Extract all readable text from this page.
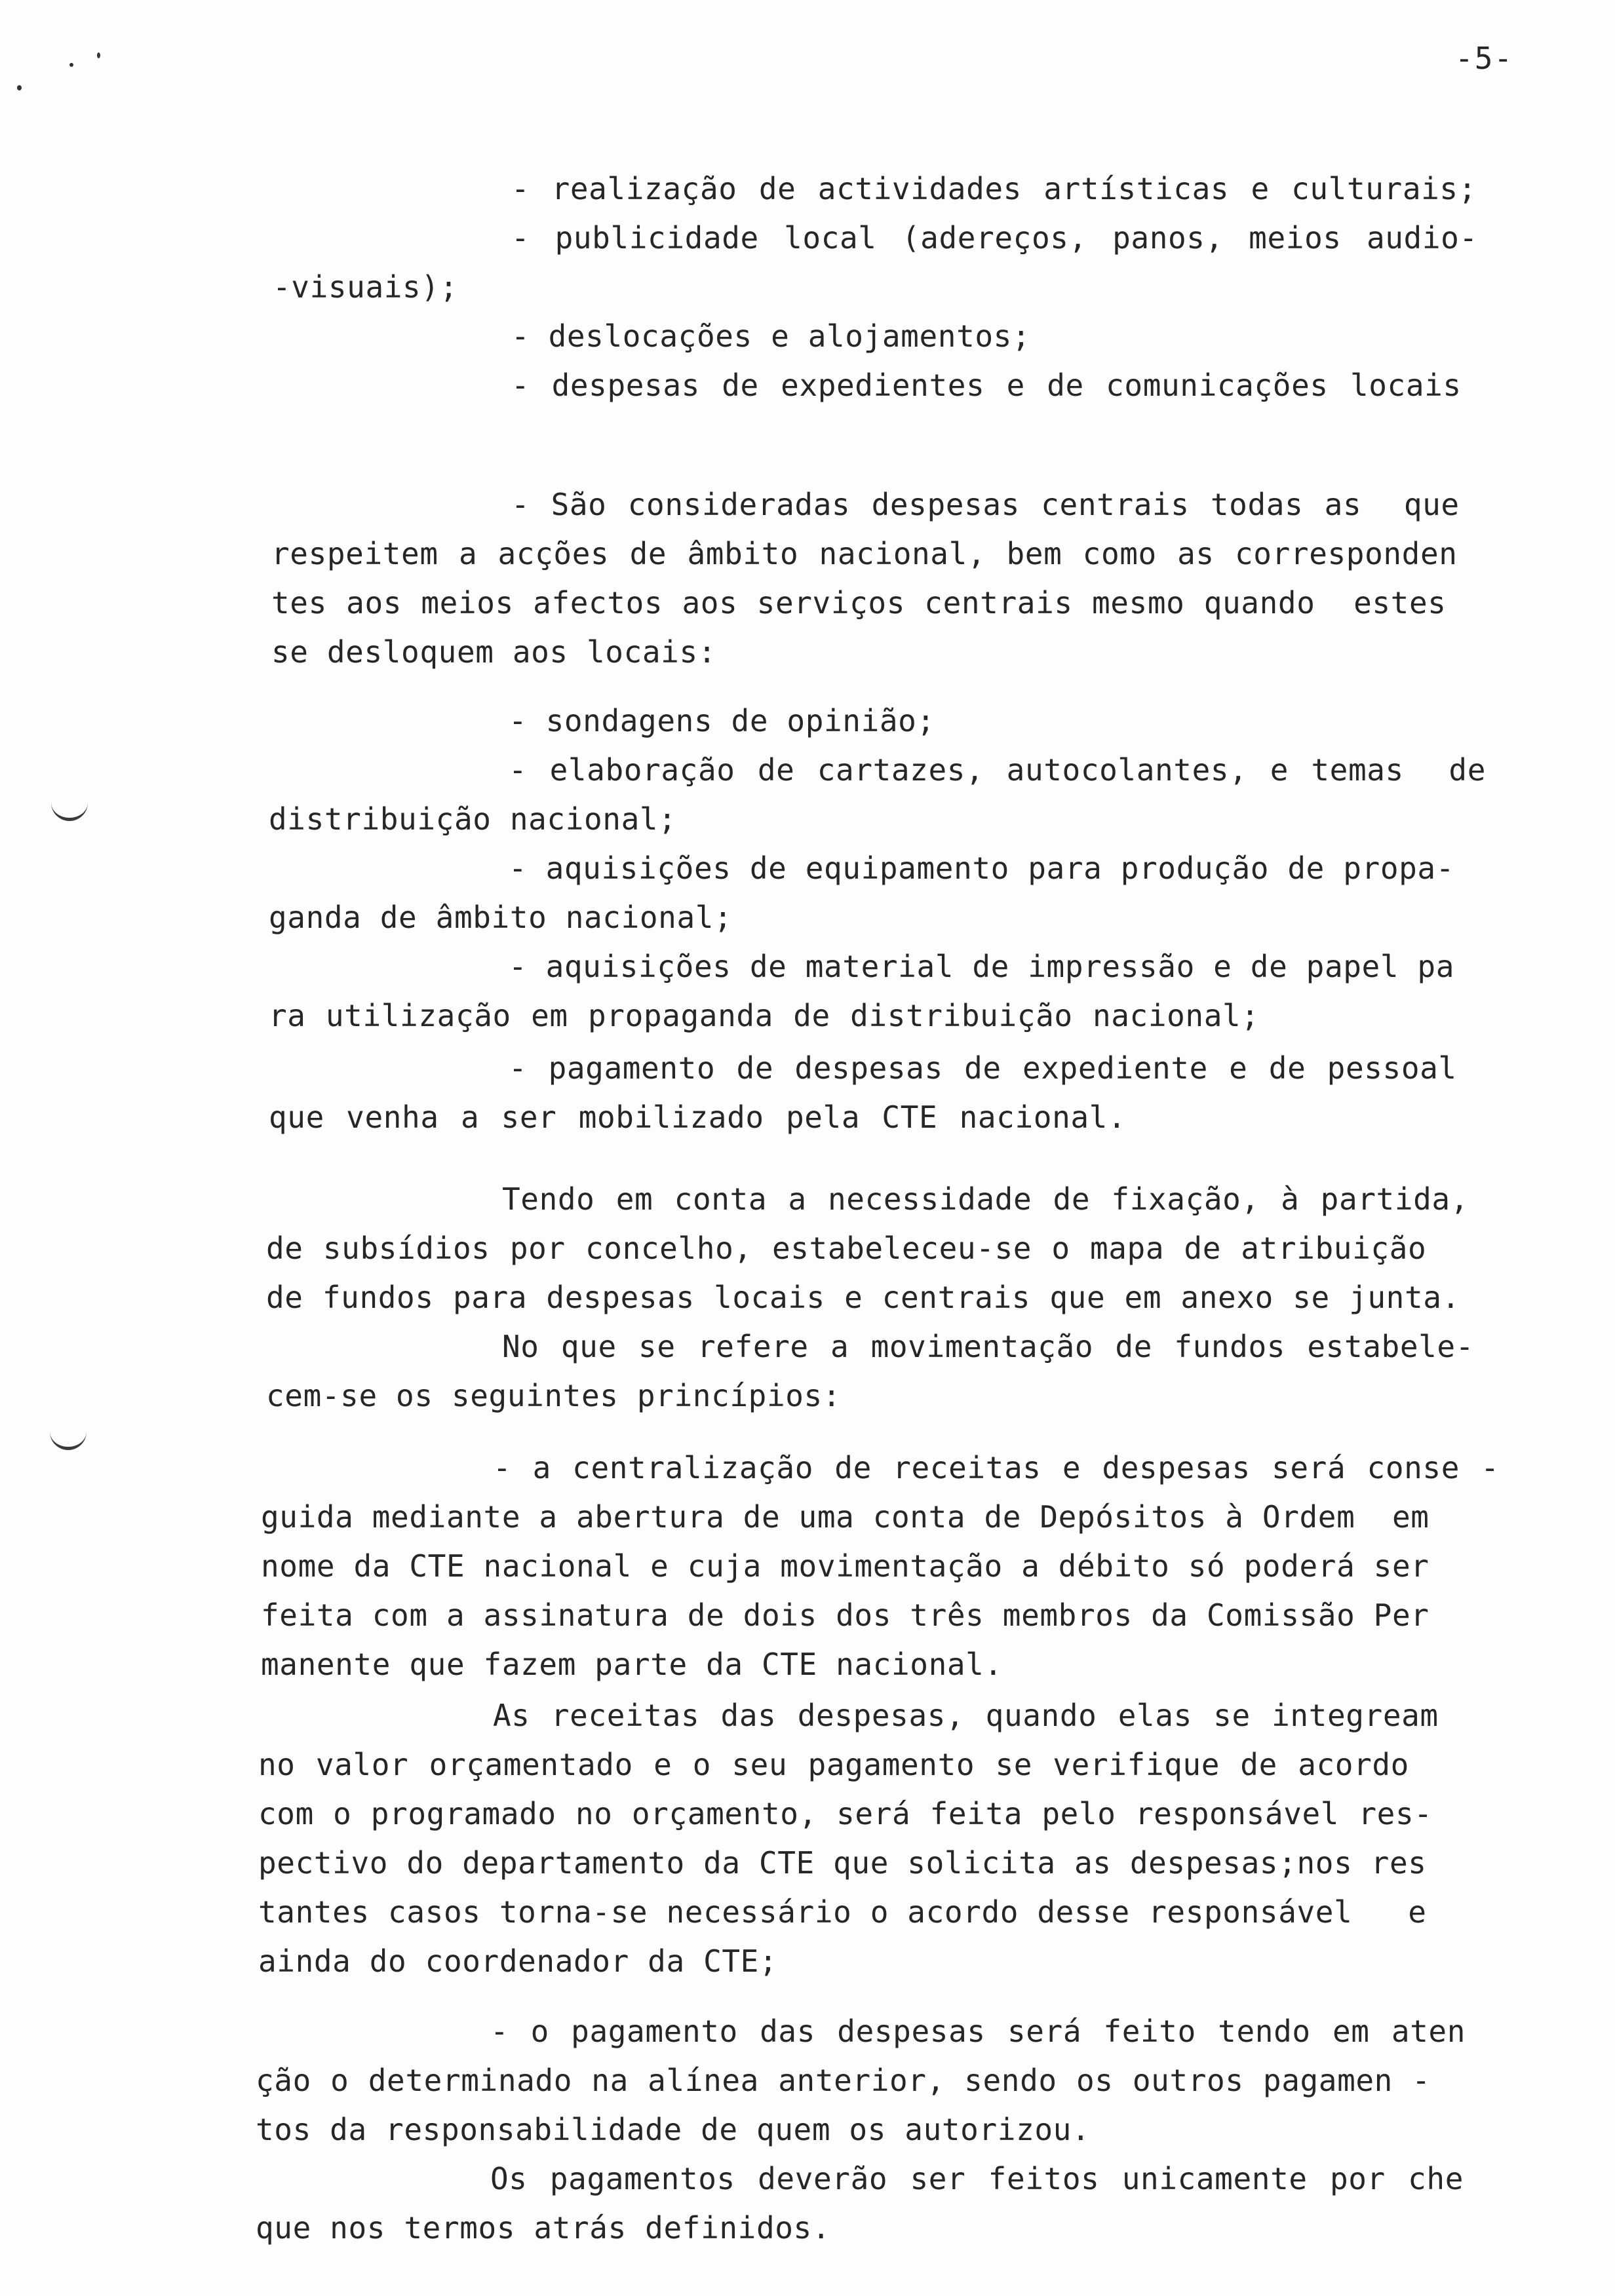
-5-
- realização de actividades artísticas e culturais;
- publicidade local (adereços, panos, meios audio-
-visuais);
- deslocações e alojamentos;
- despesas de expedientes e de comunicações locais
- São consideradas despesas centrais todas as  que
respeitem a acções de âmbito nacional, bem como as corresponden
tes aos meios afectos aos serviços centrais mesmo quando  estes
se desloquem aos locais:
- sondagens de opinião;
- elaboração de cartazes, autocolantes, e temas  de
distribuição nacional;
- aquisições de equipamento para produção de propa-
ganda de âmbito nacional;
- aquisições de material de impressão e de papel pa
ra utilização em propaganda de distribuição nacional;
- pagamento de despesas de expediente e de pessoal
que venha a ser mobilizado pela CTE nacional.
Tendo em conta a necessidade de fixação, à partida,
de subsídios por concelho, estabeleceu-se o mapa de atribuição
de fundos para despesas locais e centrais que em anexo se junta.
No que se refere a movimentação de fundos estabele-
cem-se os seguintes princípios:
- a centralização de receitas e despesas será conse -
guida mediante a abertura de uma conta de Depósitos à Ordem  em
nome da CTE nacional e cuja movimentação a débito só poderá ser
feita com a assinatura de dois dos três membros da Comissão Per
manente que fazem parte da CTE nacional.
As receitas das despesas, quando elas se integream
no valor orçamentado e o seu pagamento se verifique de acordo
com o programado no orçamento, será feita pelo responsável res-
pectivo do departamento da CTE que solicita as despesas;nos res
tantes casos torna-se necessário o acordo desse responsável   e
ainda do coordenador da CTE;
- o pagamento das despesas será feito tendo em aten
ção o determinado na alínea anterior, sendo os outros pagamen -
tos da responsabilidade de quem os autorizou.
Os pagamentos deverão ser feitos unicamente por che
que nos termos atrás definidos.
